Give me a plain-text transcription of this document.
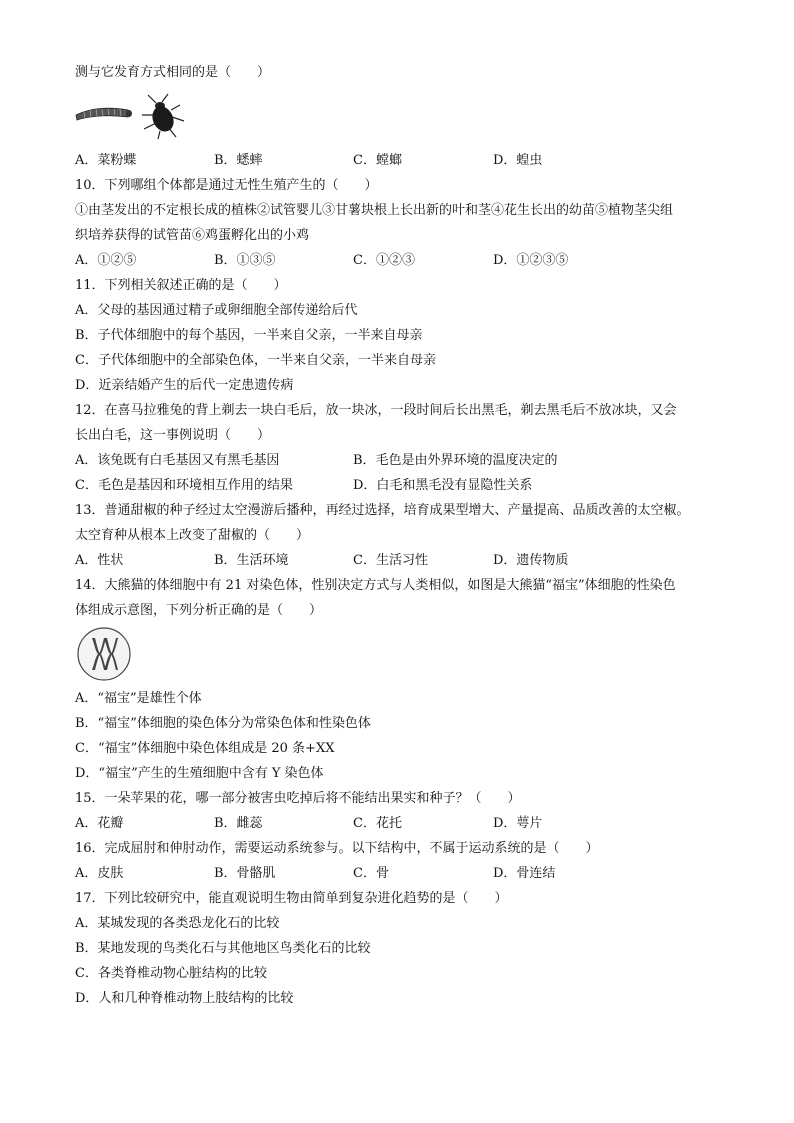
测与它发育方式相同的是（　　）
A．菜粉蝶	B．蟋蟀	C．螳螂	D．蝗虫
10．下列哪组个体都是通过无性生殖产生的（　　）
①由茎发出的不定根长成的植株②试管婴儿③甘薯块根上长出新的叶和茎④花生长出的幼苗⑤植物茎尖组
织培养获得的试管苗⑥鸡蛋孵化出的小鸡
A．①②⑤	B．①③⑤	C．①②③	D．①②③⑤
11．下列相关叙述正确的是（　　）
A．父母的基因通过精子或卵细胞全部传递给后代
B．子代体细胞中的每个基因，一半来自父亲，一半来自母亲
C．子代体细胞中的全部染色体，一半来自父亲，一半来自母亲
D．近亲结婚产生的后代一定患遗传病
12．在喜马拉雅兔的背上剃去一块白毛后，放一块冰，一段时间后长出黑毛，剃去黑毛后不放冰块，又会
长出白毛，这一事例说明（　　）
A．该兔既有白毛基因又有黑毛基因	B．毛色是由外界环境的温度决定的
C．毛色是基因和环境相互作用的结果	D．白毛和黑毛没有显隐性关系
13．普通甜椒的种子经过太空漫游后播种，再经过选择，培育成果型增大、产量提高、品质改善的太空椒。
太空育种从根本上改变了甜椒的（　　）
A．性状	B．生活环境	C．生活习性	D．遗传物质
14．大熊猫的体细胞中有 21 对染色体，性别决定方式与人类相似，如图是大熊猫“福宝”体细胞的性染色
体组成示意图，下列分析正确的是（　　）
A．“福宝”是雄性个体
B．“福宝”体细胞的染色体分为常染色体和性染色体
C．“福宝”体细胞中染色体组成是 20 条+XX
D．“福宝”产生的生殖细胞中含有 Y 染色体
15．一朵苹果的花，哪一部分被害虫吃掉后将不能结出果实和种子？（　　）
A．花瓣	B．雌蕊	C．花托	D．萼片
16．完成屈肘和伸肘动作，需要运动系统参与。以下结构中，不属于运动系统的是（　　）
A．皮肤	B．骨骼肌	C．骨	D．骨连结
17．下列比较研究中，能直观说明生物由简单到复杂进化趋势的是（　　）
A．某城发现的各类恐龙化石的比较
B．某地发现的鸟类化石与其他地区鸟类化石的比较
C．各类脊椎动物心脏结构的比较
D．人和几种脊椎动物上肢结构的比较
